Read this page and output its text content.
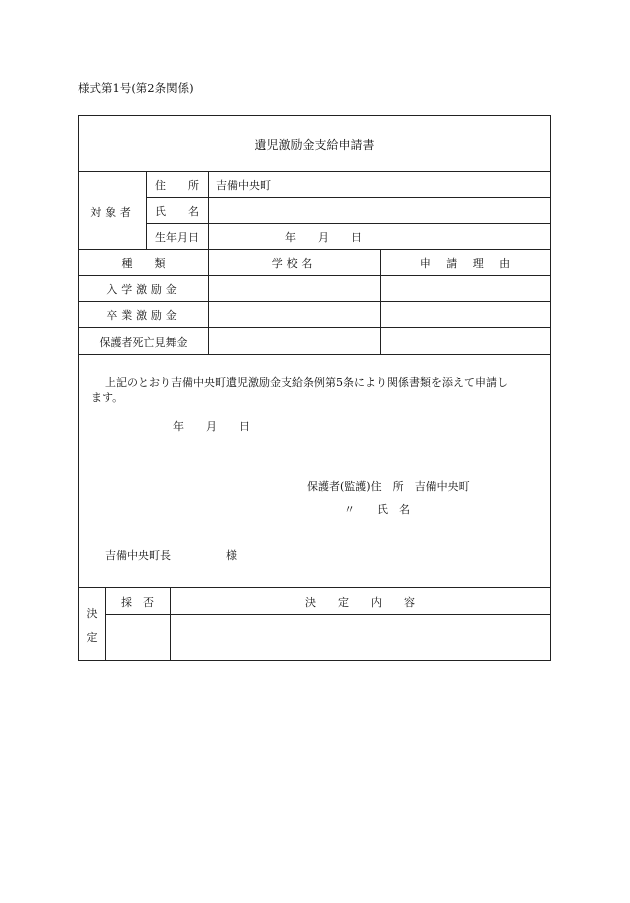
様式第1号(第2条関係)
遺児激励金支給申請書
対象者
住　　所	吉備中央町
氏　　名
生年月日	年　　月　　日
種　　類	学校名	申請理由
入学激励金
卒業激励金
保護者死亡見舞金
上記のとおり吉備中央町遺児激励金支給条例第5条により関係書類を添えて申請し
ます。
年　　月　　日
保護者(監護)住　所　吉備中央町
〃　　氏　名
吉備中央町長　　　　　様
決
定
採　否	決　　定　　内　　容
